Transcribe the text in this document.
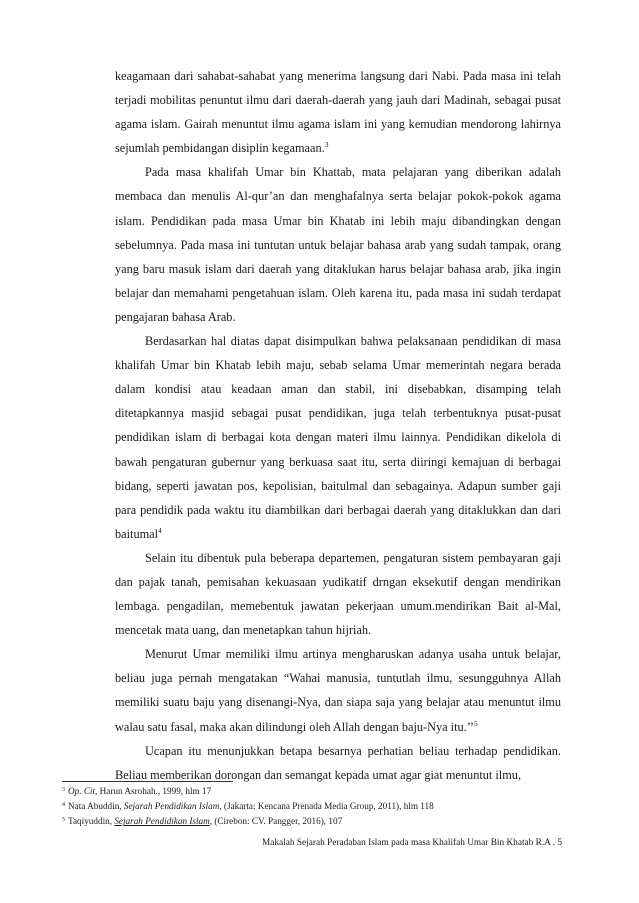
keagamaan dari sahabat-sahabat yang menerima langsung dari Nabi. Pada masa ini telah terjadi mobilitas penuntut ilmu dari daerah-daerah yang jauh dari Madinah, sebagai pusat agama islam. Gairah menuntut ilmu agama islam ini yang kemudian mendorong lahirnya sejumlah pembidangan disiplin kegamaan.$^3$

Pada masa khalifah Umar bin Khattab, mata pelajaran yang diberikan adalah membaca dan menulis Al-qur’an dan menghafalnya serta belajar pokok-pokok agama islam. Pendidikan pada masa Umar bin Khatab ini lebih maju dibandingkan dengan sebelumnya. Pada masa ini tuntutan untuk belajar bahasa arab yang sudah tampak, orang yang baru masuk islam dari daerah yang ditaklukan harus belajar bahasa arab, jika ingin belajar dan memahami pengetahuan islam. Oleh karena itu, pada masa ini sudah terdapat pengajaran bahasa Arab.

Berdasarkan hal diatas dapat disimpulkan bahwa pelaksanaan pendidikan di masa khalifah Umar bin Khatab lebih maju, sebab selama Umar memerintah negara berada dalam kondisi atau keadaan aman dan stabil, ini disebabkan, disamping telah ditetapkannya masjid sebagai pusat pendidikan, juga telah terbentuknya pusat-pusat pendidikan islam di berbagai kota dengan materi ilmu lainnya. Pendidikan dikelola di bawah pengaturan gubernur yang berkuasa saat itu, serta diiringi kemajuan di berbagai bidang, seperti jawatan pos, kepolisian, baitulmal dan sebagainya. Adapun sumber gaji para pendidik pada waktu itu diambilkan dari berbagai daerah yang ditaklukkan dan dari baitumal$^4$

Selain itu dibentuk pula beberapa departemen, pengaturan sistem pembayaran gaji dan pajak tanah, pemisahan kekuasaan yudikatif drngan eksekutif dengan mendirikan lembaga. pengadilan, memebentuk jawatan pekerjaan umum.mendirikan Bait al-Mal, mencetak mata uang, dan menetapkan tahun hijriah.

Menurut Umar memiliki ilmu artinya mengharuskan adanya usaha untuk belajar, beliau juga pernah mengatakan “Wahai manusia, tuntutlah ilmu, sesungguhnya Allah memiliki suatu baju yang disenangi-Nya, dan siapa saja yang belajar atau menuntut ilmu walau satu fasal, maka akan dilindungi oleh Allah dengan baju-Nya itu.’’$^5$

Ucapan itu menunjukkan betapa besarnya perhatian beliau terhadap pendidikan. Beliau memberikan dorongan dan semangat kepada umat agar giat menuntut ilmu,

$^3$ Op. Cit, Harun Asrohah., 1999, hlm 17
$^4$ Nata Abuddin, Sejarah Pendidikan Islam, (Jakarta: Kencana Prenada Media Group, 2011), hlm 118
$^5$ Taqiyuddin, Sejarah Pendidikan Islam, (Cirebon: CV. Pangger, 2016), 107
Makalah Sejarah Peradaban Islam pada masa Khalifah Umar Bin Khatab R.A . 5
